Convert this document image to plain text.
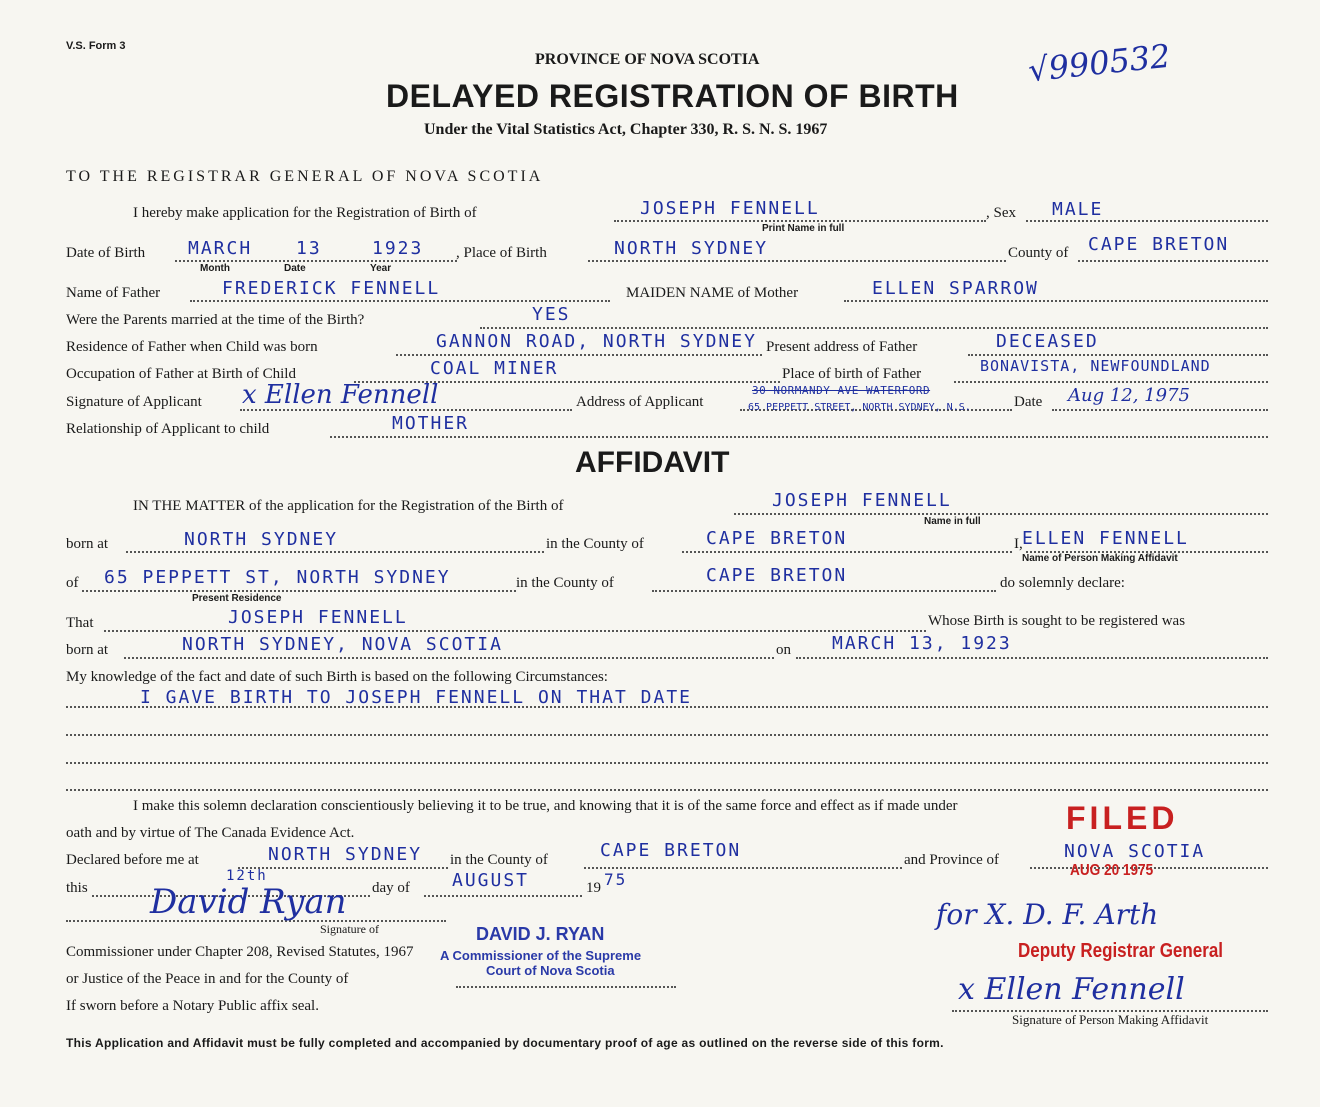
V.S. Form 3
PROVINCE OF NOVA SCOTIA
DELAYED REGISTRATION OF BIRTH
Under the Vital Statistics Act, Chapter 330, R. S. N. S. 1967
√990532
TO THE REGISTRAR GENERAL OF NOVA SCOTIA
I hereby make application for the Registration of Birth of	JOSEPH FENNELL
Print Name in full
, Sex MALE
Date of Birth MARCH 13	1923
Month	Date	Year
, Place of Birth	NORTH SYDNEY	County of CAPE BRETON
Name of Father	FREDERICK FENNELL	MAIDEN NAME of Mother	ELLEN SPARROW
Were the Parents married at the time of the Birth?	YES
Residence of Father when Child was born	GANNON ROAD, NORTH SYDNEY Present address of Father	DECEASED
Occupation of Father at Birth of Child	COAL MINER	Place of birth of Father	BONAVISTA, NEWFOUNDLAND
Signature of Applicant x Ellen Fennell	Address of Applicant
30 NORMANDY AVE WATERFORD
65 PEPPETT STREET, NORTH SYDNEY, N.S.	Date Aug 12, 1975
Relationship of Applicant to child	MOTHER
AFFIDAVIT
IN THE MATTER of the application for the Registration of the Birth of	JOSEPH FENNELL
Name in full
born at	NORTH SYDNEY	in the County of	CAPE BRETON	I, ELLEN FENNELL
Name of Person Making Affidavit
of 65 PEPPETT ST, NORTH SYDNEY
Present Residence
in the County of	CAPE BRETON	do solemnly declare:
That	JOSEPH FENNELL	Whose Birth is sought to be registered was
born at	NORTH SYDNEY, NOVA SCOTIA	on MARCH 13, 1923
My knowledge of the fact and date of such Birth is based on the following Circumstances:
I GAVE BIRTH TO JOSEPH FENNELL ON THAT DATE
I make this solemn declaration conscientiously believing it to be true, and knowing that it is of the same force and effect as if made under
oath and by virtue of The Canada Evidence Act.
Declared before me at	NORTH SYDNEY in the County of	CAPE BRETON	and Province of	NOVA SCOTIA
this
12th
day of AUGUST	19 75
David Ryan
Signature of
Commissioner under Chapter 208, Revised Statutes, 1967
or Justice of the Peace in and for the County of
If sworn before a Notary Public affix seal.
DAVID J. RYAN
A Commissioner of the Supreme
Court of Nova Scotia
FILED
AUG 20 1975
for X. D. F. Arth
Deputy Registrar General
x Ellen Fennell
Signature of Person Making Affidavit
This Application and Affidavit must be fully completed and accompanied by documentary proof of age as outlined on the reverse side of this form.
